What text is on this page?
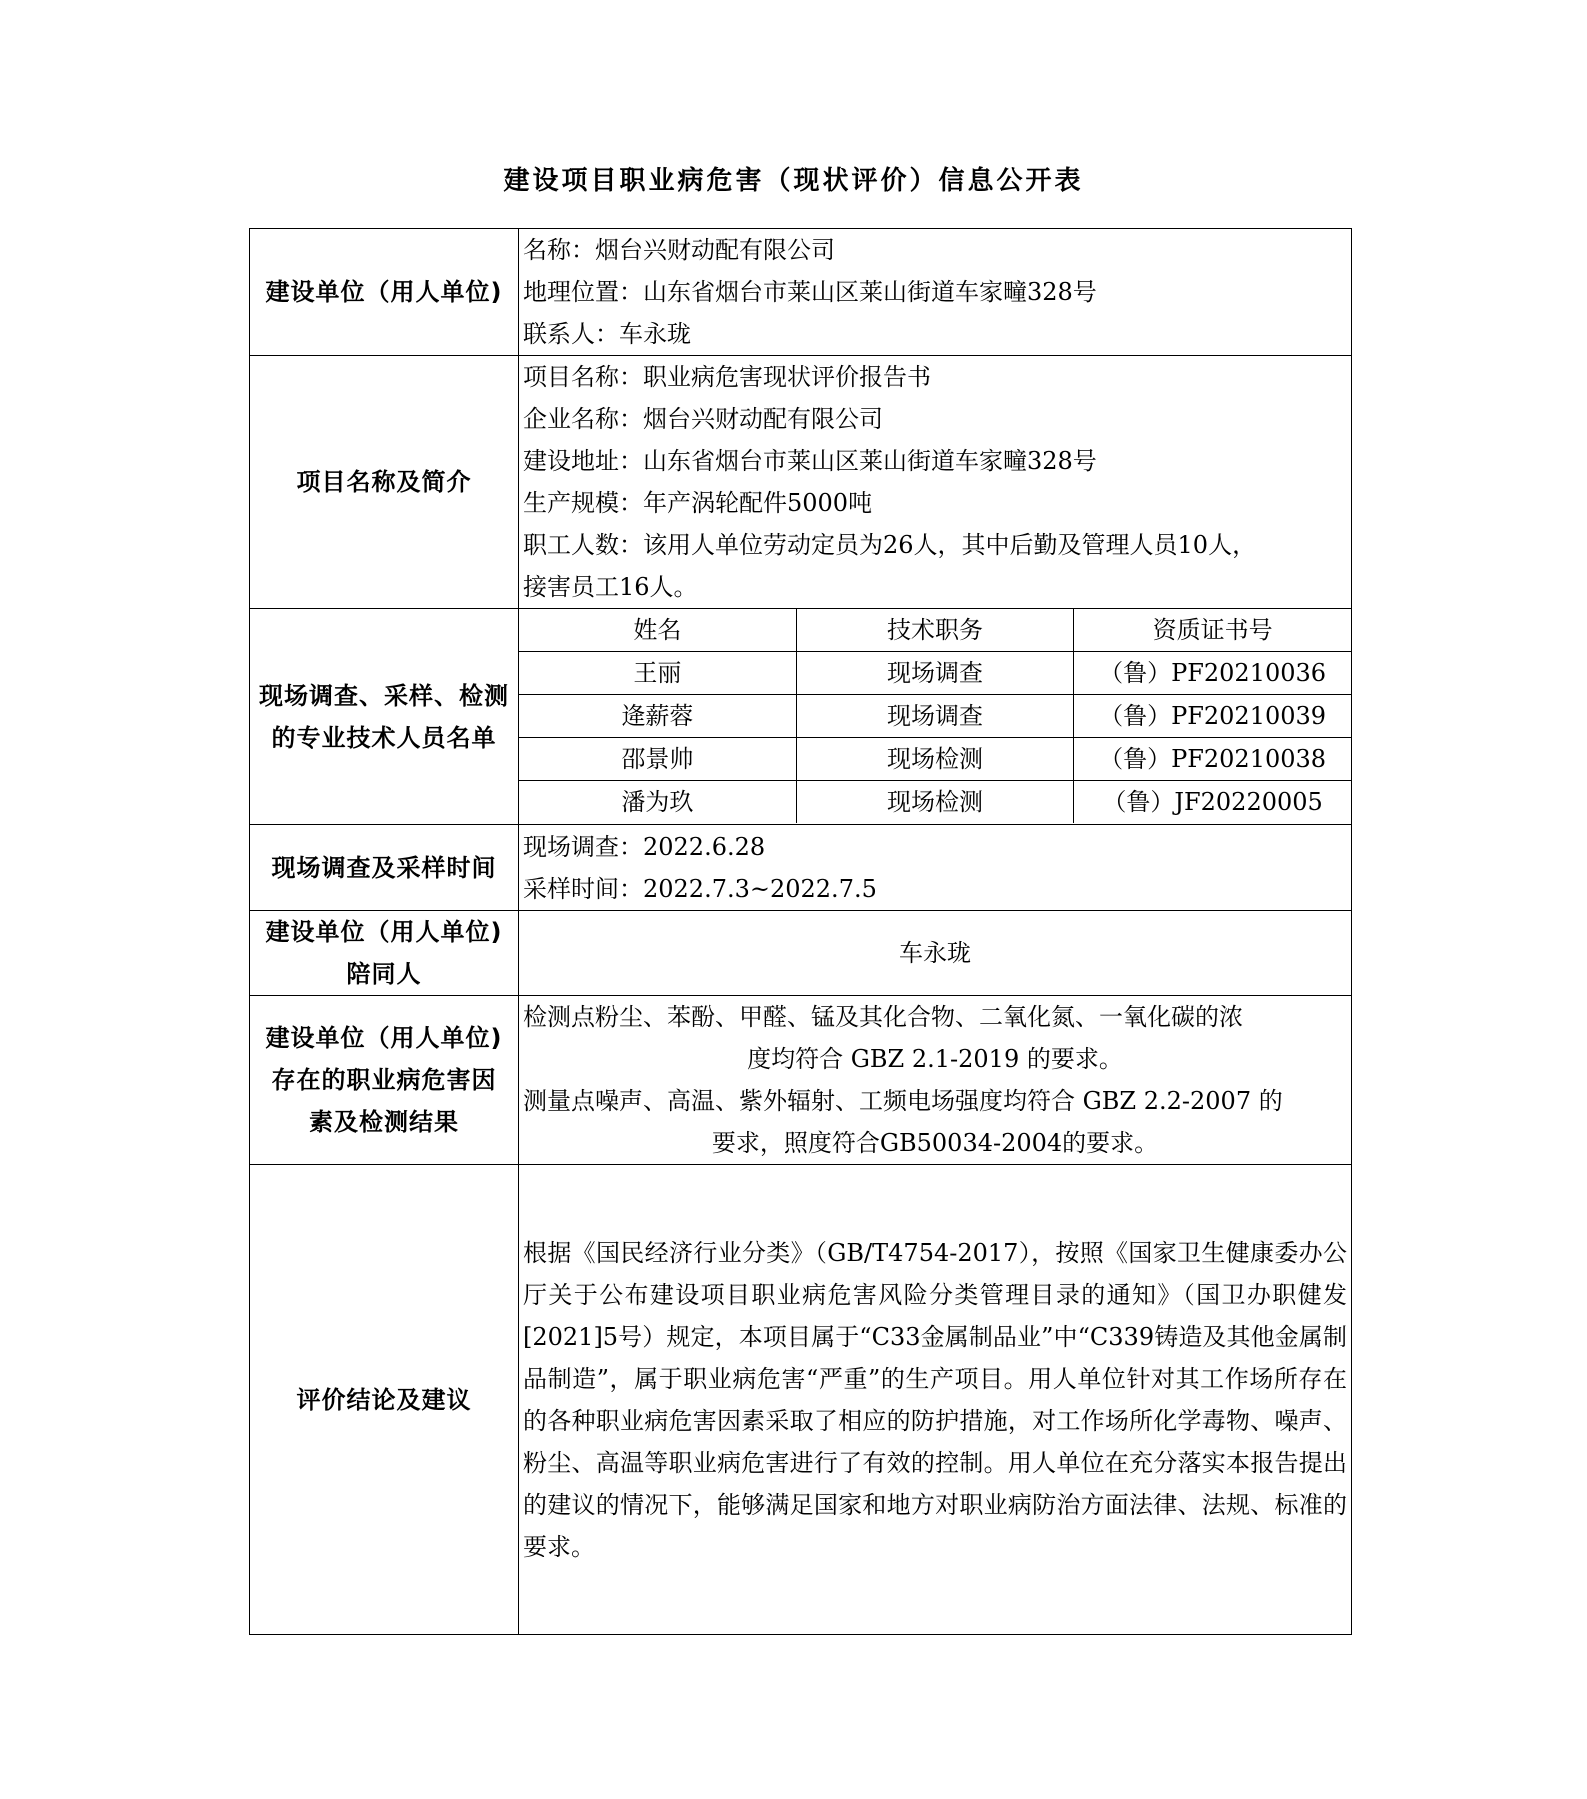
建设项目职业病危害（现状评价）信息公开表
建设单位（用人单位)	
名称：烟台兴财动配有限公司
地理位置：山东省烟台市莱山区莱山街道车家疃328号
联系人：车永珑

项目名称及简介	
项目名称：职业病危害现状评价报告书
企业名称：烟台兴财动配有限公司
建设地址：山东省烟台市莱山区莱山街道车家疃328号
生产规模：年产涡轮配件5000吨
职工人数：该用人单位劳动定员为26人，其中后勤及管理人员10人，
接害员工16人。

现场调查、采样、检测
的专业技术人员名单

姓名	技术职务	资质证书号
王丽	现场调查	（鲁）PF20210036
逄薪蓉	现场调查	（鲁）PF20210039
邵景帅	现场检测	（鲁）PF20210038
潘为玖	现场检测	（鲁）JF20220005

现场调查及采样时间	
现场调查：2022.6.28
采样时间：2022.7.3~2022.7.5

建设单位（用人单位)
陪同人
	车永珑

建设单位（用人单位)
存在的职业病危害因
素及检测结果

检测点粉尘、苯酚、甲醛、锰及其化合物、二氧化氮、一氧化碳的浓
度均符合 GBZ 2.1-2019 的要求。
测量点噪声、高温、紫外辐射、工频电场强度均符合 GBZ 2.2-2007 的
要求，照度符合GB50034-2004的要求。

评价结论及建议	
根据《国民经济行业分类》（GB/T4754-2017），按照《国家卫生健康委办公厅关于公布建设项目职业病危害风险分类管理目录的通知》（国卫办职健发[2021]5号）规定，本项目属于“C33金属制品业”中“C339铸造及其他金属制品制造”，属于职业病危害“严重”的生产项目。用人单位针对其工作场所存在的各种职业病危害因素采取了相应的防护措施，对工作场所化学毒物、噪声、粉尘、高温等职业病危害进行了有效的控制。用人单位在充分落实本报告提出的建议的情况下，能够满足国家和地方对职业病防治方面法律、法规、标准的要求。
